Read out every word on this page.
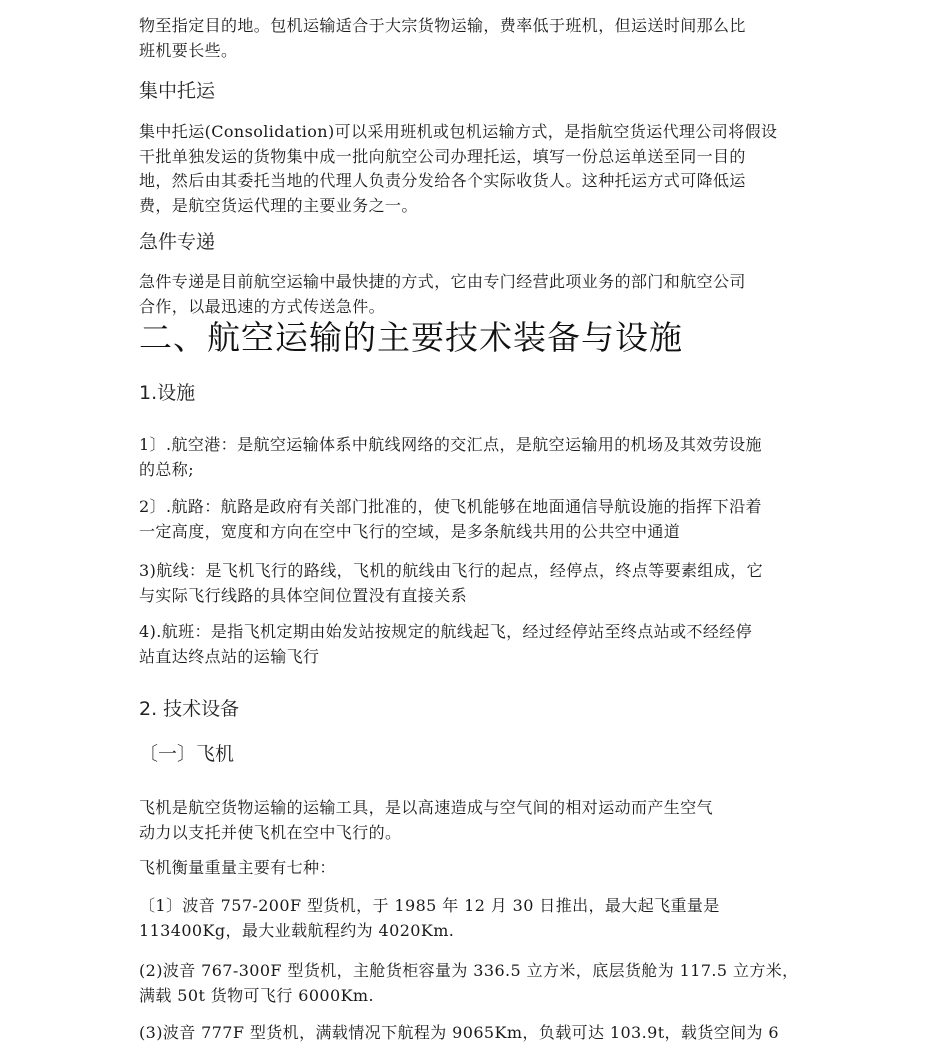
物至指定目的地。包机运输适合于大宗货物运输，费率低于班机，但运送时间那么比
班机要长些。
集中托运
集中托运(Consolidation)可以采用班机或包机运输方式，是指航空货运代理公司将假设
干批单独发运的货物集中成一批向航空公司办理托运，填写一份总运单送至同一目的
地，然后由其委托当地的代理人负责分发给各个实际收货人。这种托运方式可降低运
费，是航空货运代理的主要业务之一。
急件专递
急件专递是目前航空运输中最快捷的方式，它由专门经营此项业务的部门和航空公司
合作，以最迅速的方式传送急件。
二、航空运输的主要技术装备与设施
1.设施
1〕.航空港：是航空运输体系中航线网络的交汇点，是航空运输用的机场及其效劳设施
的总称;
2〕.航路：航路是政府有关部门批准的，使飞机能够在地面通信导航设施的指挥下沿着
一定高度，宽度和方向在空中飞行的空域，是多条航线共用的公共空中通道
3)航线：是飞机飞行的路线，飞机的航线由飞行的起点，经停点，终点等要素组成，它
与实际飞行线路的具体空间位置没有直接关系
4).航班：是指飞机定期由始发站按规定的航线起飞，经过经停站至终点站或不经经停
站直达终点站的运输飞行
2. 技术设备
〔一〕飞机
飞机是航空货物运输的运输工具，是以高速造成与空气间的相对运动而产生空气
动力以支托并使飞机在空中飞行的。
飞机衡量重量主要有七种：
〔1〕波音 757-200F 型货机，于 1985 年 12 月 30 日推出，最大起飞重量是
113400Kg，最大业载航程约为 4020Km.
(2)波音 767-300F 型货机，主舱货柜容量为 336.5 立方米，底层货舱为 117.5 立方米，
满载 50t 货物可飞行 6000Km.
(3)波音 777F 型货机，满载情况下航程为 9065Km，负载可达 103.9t，载货空间为 6
